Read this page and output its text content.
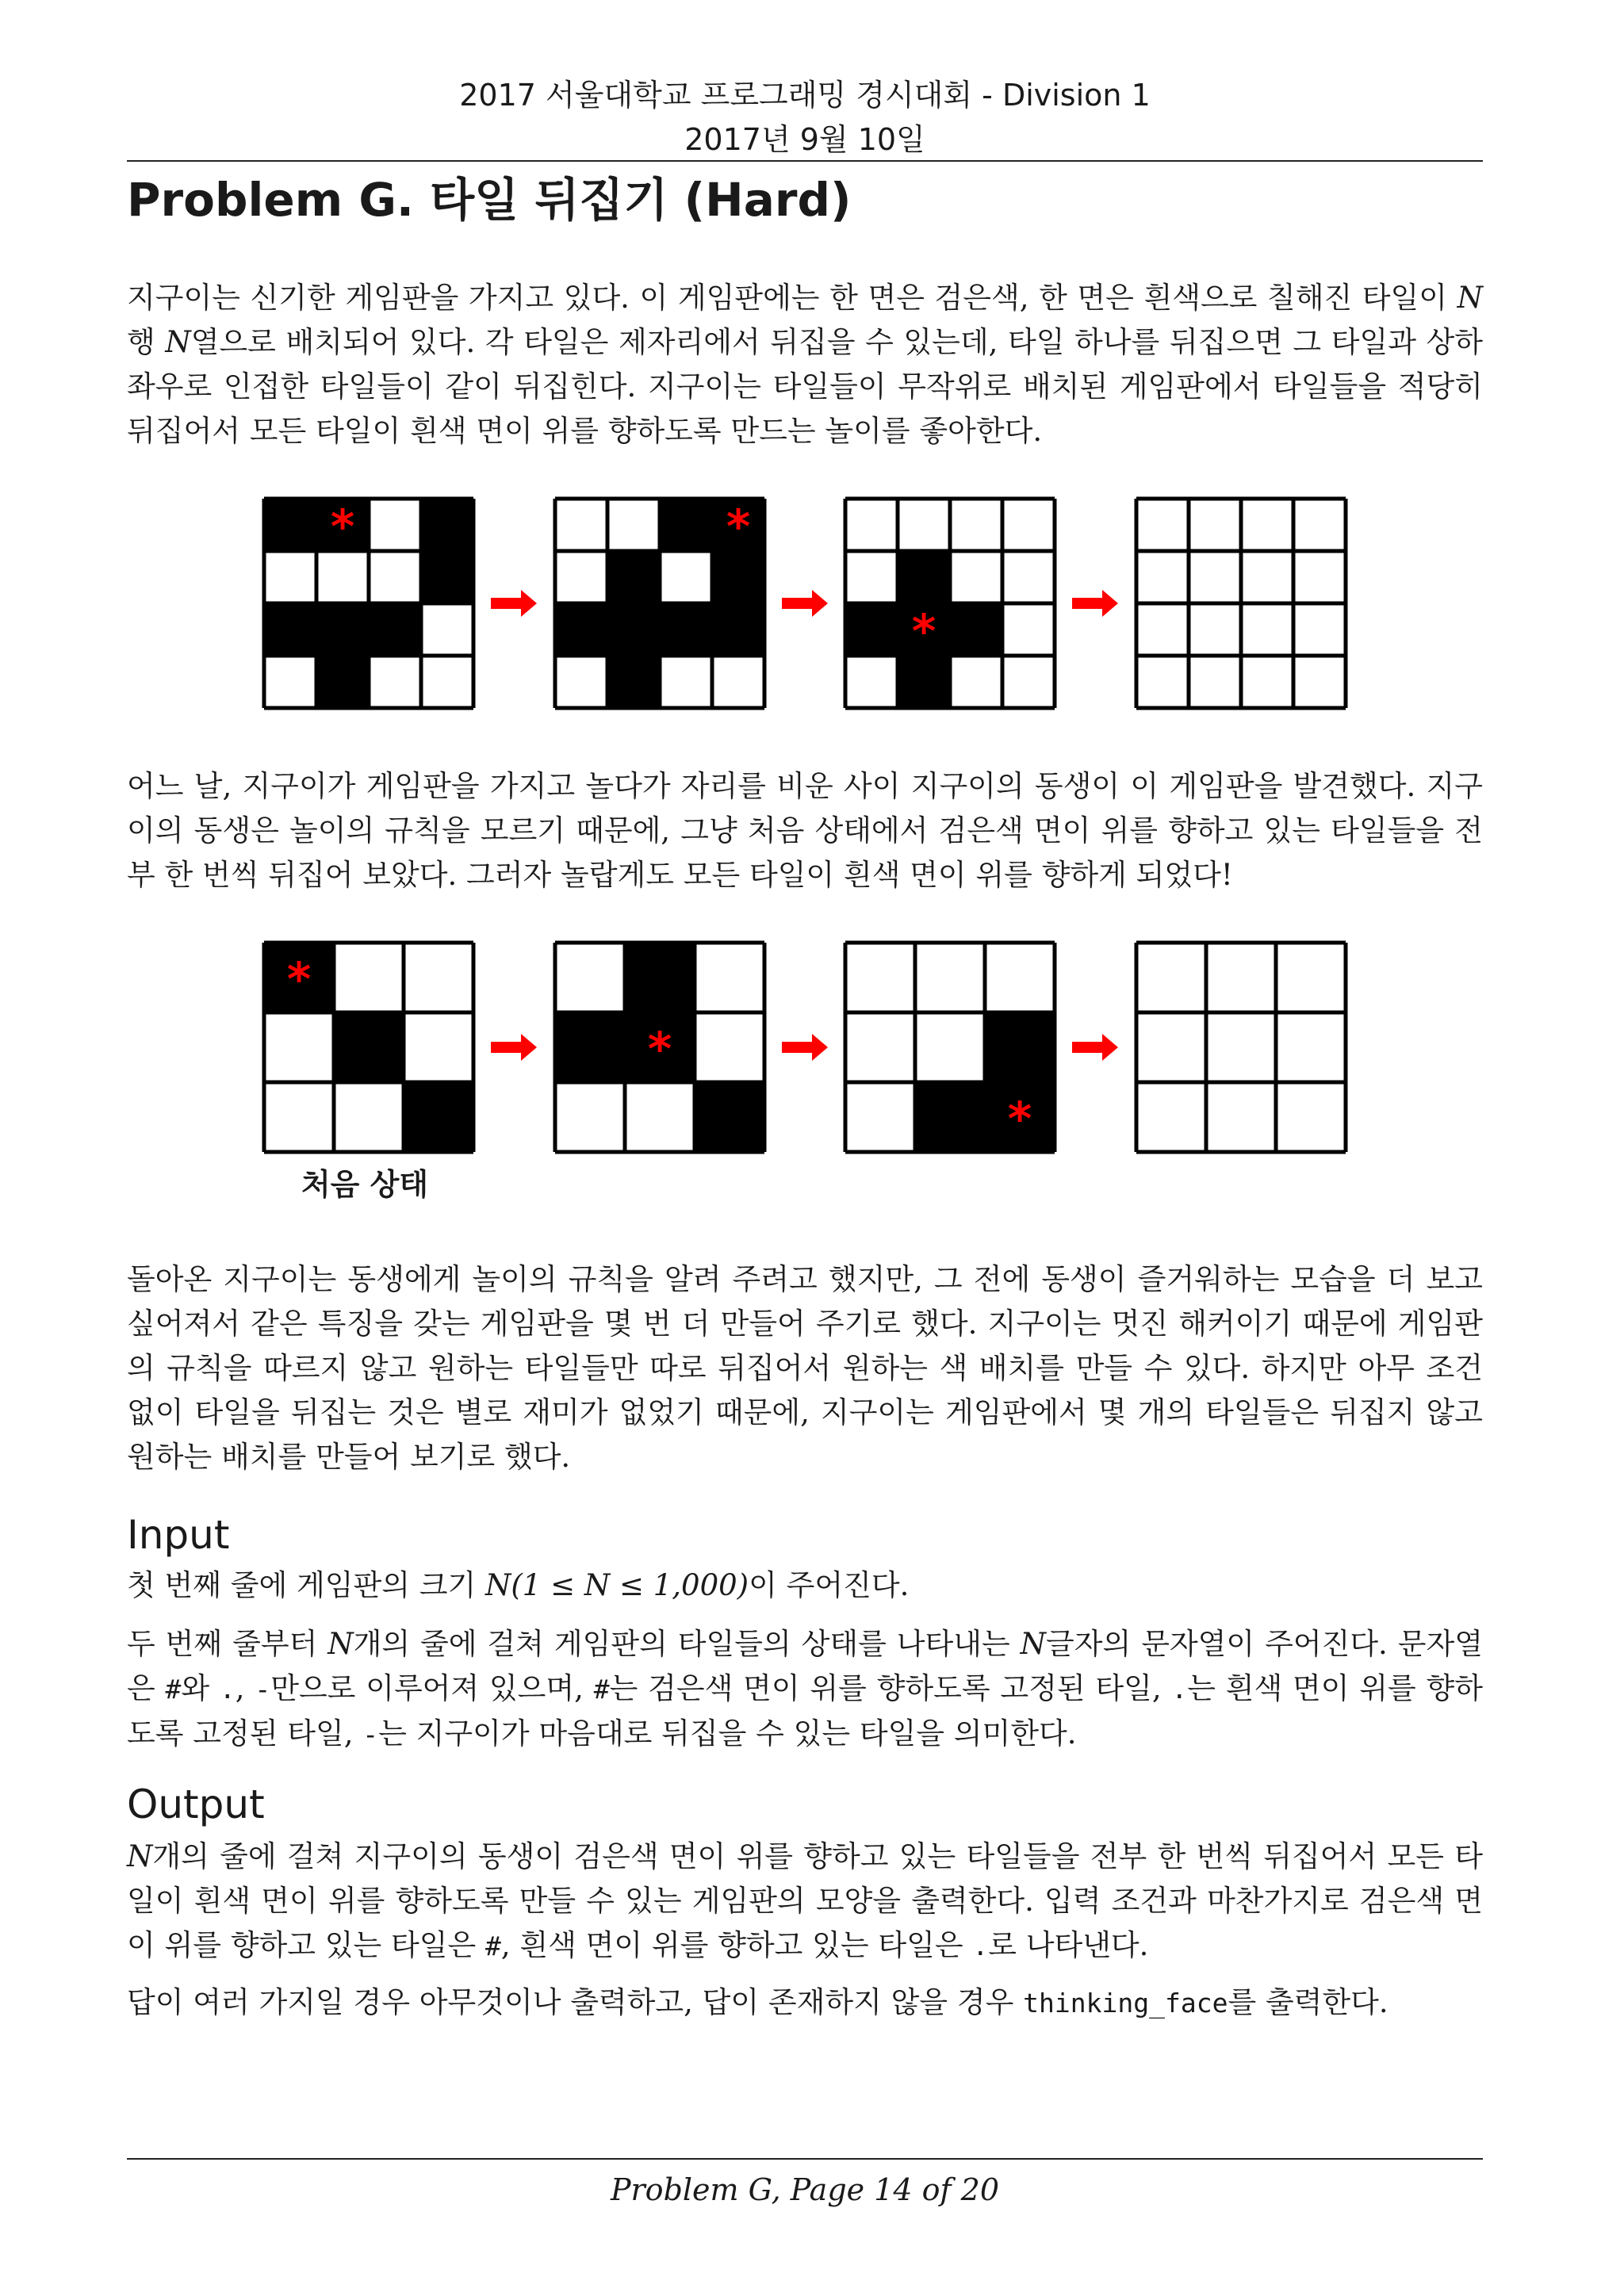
2017 서울대학교 프로그래밍 경시대회 - Division 1
2017년 9월 10일
Problem G. 타일 뒤집기 (Hard)

지구이는 신기한 게임판을 가지고 있다. 이 게임판에는 한 면은 검은색, 한 면은 흰색으로 칠해진 타일이 N행 N열으로 배치되어 있다. 각 타일은 제자리에서 뒤집을 수 있는데, 타일 하나를 뒤집으면 그 타일과 상하좌우로 인접한 타일들이 같이 뒤집힌다. 지구이는 타일들이 무작위로 배치된 게임판에서 타일들을 적당히 뒤집어서 모든 타일이 흰색 면이 위를 향하도록 만드는 놀이를 좋아한다.

*	*
*

어느 날, 지구이가 게임판을 가지고 놀다가 자리를 비운 사이 지구이의 동생이 이 게임판을 발견했다. 지구이의 동생은 놀이의 규칙을 모르기 때문에, 그냥 처음 상태에서 검은색 면이 위를 향하고 있는 타일들을 전부 한 번씩 뒤집어 보았다. 그러자 놀랍게도 모든 타일이 흰색 면이 위를 향하게 되었다!

*
*
*
처음 상태

돌아온 지구이는 동생에게 놀이의 규칙을 알려 주려고 했지만, 그 전에 동생이 즐거워하는 모습을 더 보고 싶어져서 같은 특징을 갖는 게임판을 몇 번 더 만들어 주기로 했다. 지구이는 멋진 해커이기 때문에 게임판의 규칙을 따르지 않고 원하는 타일들만 따로 뒤집어서 원하는 색 배치를 만들 수 있다. 하지만 아무 조건 없이 타일을 뒤집는 것은 별로 재미가 없었기 때문에, 지구이는 게임판에서 몇 개의 타일들은 뒤집지 않고 원하는 배치를 만들어 보기로 했다.

Input

첫 번째 줄에 게임판의 크기 N(1 ≤ N ≤ 1,000)이 주어진다.

두 번째 줄부터 N개의 줄에 걸쳐 게임판의 타일들의 상태를 나타내는 N글자의 문자열이 주어진다. 문자열은 #와 ., -만으로 이루어져 있으며, #는 검은색 면이 위를 향하도록 고정된 타일, .는 흰색 면이 위를 향하도록 고정된 타일, -는 지구이가 마음대로 뒤집을 수 있는 타일을 의미한다.

Output

N개의 줄에 걸쳐 지구이의 동생이 검은색 면이 위를 향하고 있는 타일들을 전부 한 번씩 뒤집어서 모든 타일이 흰색 면이 위를 향하도록 만들 수 있는 게임판의 모양을 출력한다. 입력 조건과 마찬가지로 검은색 면이 위를 향하고 있는 타일은 #, 흰색 면이 위를 향하고 있는 타일은 .로 나타낸다.

답이 여러 가지일 경우 아무것이나 출력하고, 답이 존재하지 않을 경우 thinking_face를 출력한다.

Problem G, Page 14 of 20
